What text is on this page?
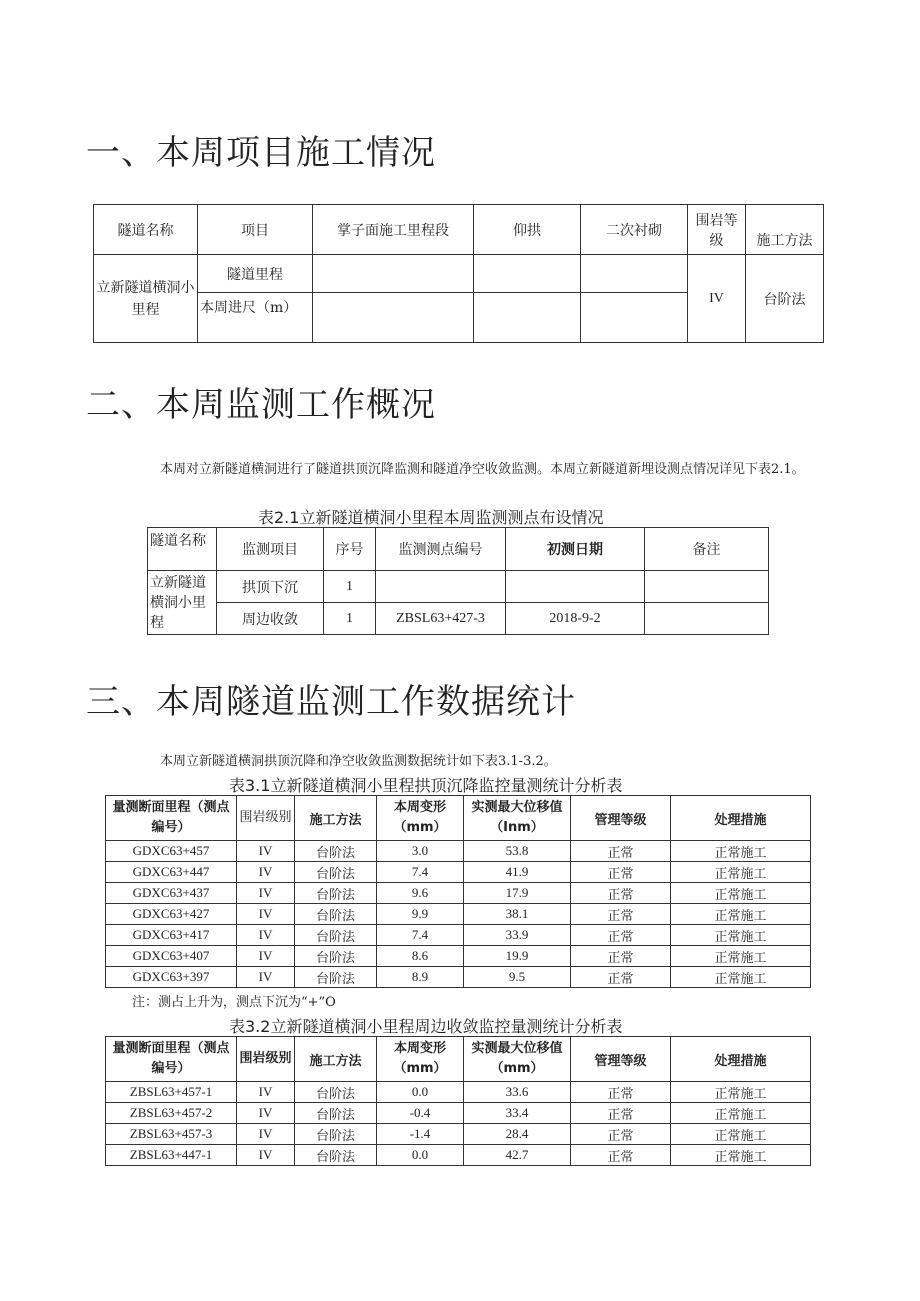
一、本周项目施工情况
隧道名称	项目	掌子面施工里程段	仰拱	二次衬砌	围岩等级	施工方法
立新隧道横洞小里程	隧道里程				IV	台阶法
	本周进尺（m）					
二、本周监测工作概况

本周对立新隧道横洞进行了隧道拱顶沉降监测和隧道净空收敛监测。本周立新隧道新埋设测点情况详见下表2.1。

表2.1立新隧道横洞小里程本周监测测点布设情况

隧道名称	监测项目	序号	监测测点编号	初测日期	备注
立新隧道横洞小里程	拱顶下沉	1			
	周边收敛	1	ZBSL63+427-3	2018-9-2	
三、本周隧道监测工作数据统计

本周立新隧道横洞拱顶沉降和净空收敛监测数据统计如下表3.1-3.2。

表3.1立新隧道横洞小里程拱顶沉降监控量测统计分析表

量测断面里程（测点编号）	围岩级别	施工方法	本周变形（mm）	实测最大位移值（Inm）	管理等级	处理措施
GDXC63+457	IV	台阶法	3.0	53.8	正常	正常施工
GDXC63+447	IV	台阶法	7.4	41.9	正常	正常施工
GDXC63+437	IV	台阶法	9.6	17.9	正常	正常施工
GDXC63+427	IV	台阶法	9.9	38.1	正常	正常施工
GDXC63+417	IV	台阶法	7.4	33.9	正常	正常施工
GDXC63+407	IV	台阶法	8.6	19.9	正常	正常施工
GDXC63+397	IV	台阶法	8.9	9.5	正常	正常施工

注：测占上升为，测点下沉为“+”O

表3.2立新隧道横洞小里程周边收敛监控量测统计分析表

量测断面里程（测点编号）	围岩级别	施工方法	本周变形（mm）	实测最大位移值（mm）	管理等级	处理措施
ZBSL63+457-1	IV	台阶法	0.0	33.6	正常	正常施工
ZBSL63+457-2	IV	台阶法	-0.4	33.4	正常	正常施工
ZBSL63+457-3	IV	台阶法	-1.4	28.4	正常	正常施工
ZBSL63+447-1	IV	台阶法	0.0	42.7	正常	正常施工
